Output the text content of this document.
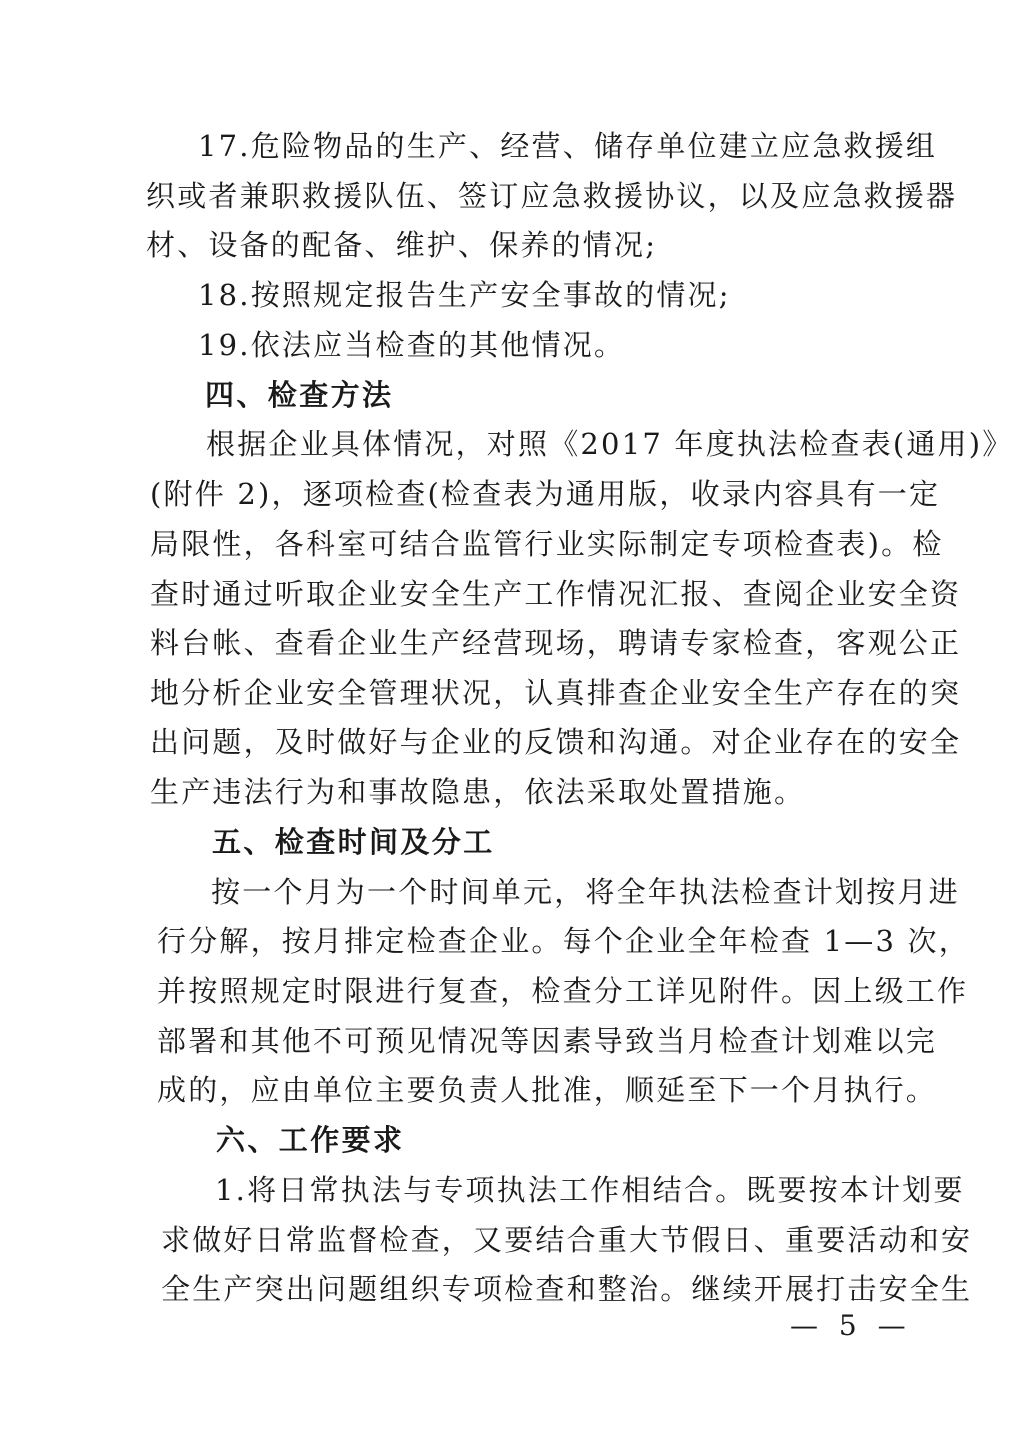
17.危险物品的生产、经营、储存单位建立应急救援组
织或者兼职救援队伍、签订应急救援协议，以及应急救援器
材、设备的配备、维护、保养的情况;
18.按照规定报告生产安全事故的情况;
19.依法应当检查的其他情况。
四、检查方法
根据企业具体情况，对照《2017 年度执法检查表(通用)》
(附件 2)，逐项检查(检查表为通用版，收录内容具有一定
局限性，各科室可结合监管行业实际制定专项检查表)。检
查时通过听取企业安全生产工作情况汇报、查阅企业安全资
料台帐、查看企业生产经营现场，聘请专家检查，客观公正
地分析企业安全管理状况，认真排查企业安全生产存在的突
出问题，及时做好与企业的反馈和沟通。对企业存在的安全
生产违法行为和事故隐患，依法采取处置措施。
五、检查时间及分工
按一个月为一个时间单元，将全年执法检查计划按月进
行分解，按月排定检查企业。每个企业全年检查 1—3 次，
并按照规定时限进行复查，检查分工详见附件。因上级工作
部署和其他不可预见情况等因素导致当月检查计划难以完
成的，应由单位主要负责人批准，顺延至下一个月执行。
六、工作要求
1.将日常执法与专项执法工作相结合。既要按本计划要
求做好日常监督检查，又要结合重大节假日、重要活动和安
全生产突出问题组织专项检查和整治。继续开展打击安全生
— 5 —
